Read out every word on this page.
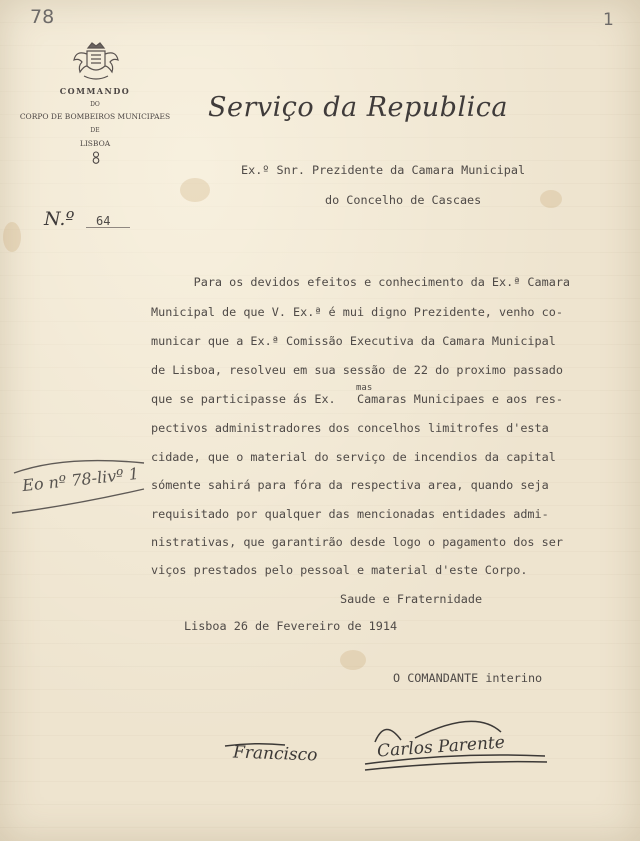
78	1
COMMANDO
DO
CORPO DE BOMBEIROS MUNICIPAES
DE
LISBOA
Serviço da Republica
N.º 64
Ex.º Snr. Prezidente da Camara Municipal
do Concelho de Cascaes
Para os devidos efeitos e conhecimento da Ex.ª Camara
Municipal de que V. Ex.ª é mui digno Prezidente, venho co-
municar que a Ex.ª Comissão Executiva da Camara Municipal
de Lisboa, resolveu em sua sessão de 22 do proximo passado
mas
que se participasse ás Ex.   Camaras Municipaes e aos res-
pectivos administradores dos concelhos limitrofes d'esta
cidade, que o material do serviço de incendios da capital
sómente sahirá para fóra da respectiva area, quando seja
requisitado por qualquer das mencionadas entidades admi-
nistrativas, que garantirão desde logo o pagamento dos ser
viços prestados pelo pessoal e material d'este Corpo.
Saude e Fraternidade
Lisboa 26 de Fevereiro de 1914
O COMANDANTE interino
Eo nº 78-livº 1
Francisco	Carlos Parente
